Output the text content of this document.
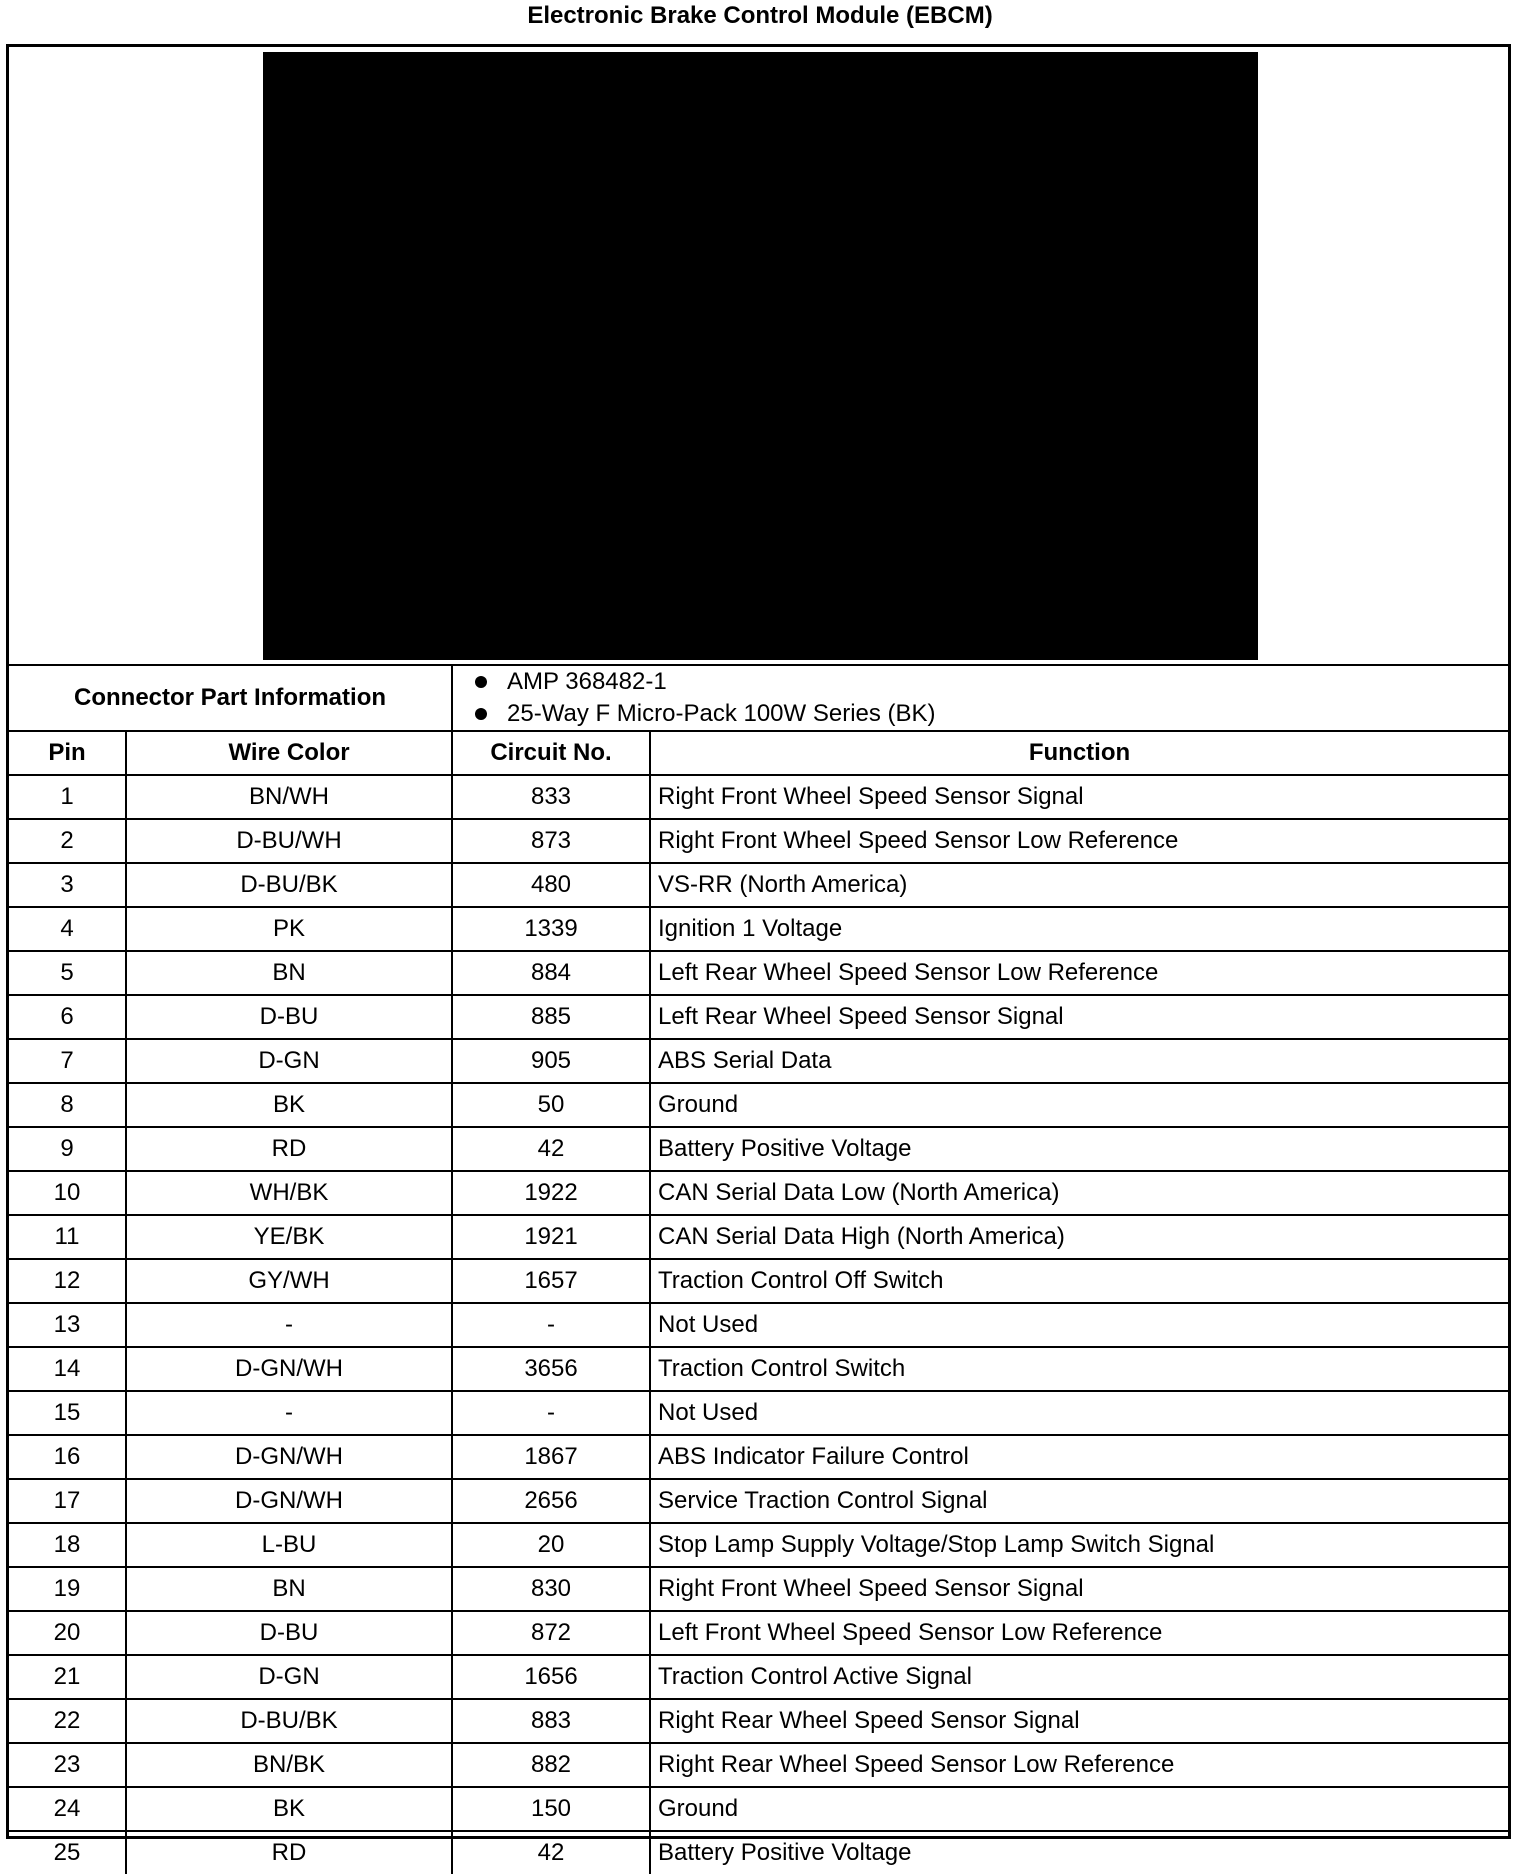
Electronic Brake Control Module (EBCM)
Connector Part Information		AMP 368482-1
25-Way F Micro-Pack 100W Series (BK)	

Pin	Wire Color	Circuit No.	Function
1	BN/WH	833	Right Front Wheel Speed Sensor Signal
2	D-BU/WH	873	Right Front Wheel Speed Sensor Low Reference
3	D-BU/BK	480	VS-RR (North America)
4	PK	1339	Ignition 1 Voltage
5	BN	884	Left Rear Wheel Speed Sensor Low Reference
6	D-BU	885	Left Rear Wheel Speed Sensor Signal
7	D-GN	905	ABS Serial Data
8	BK	50	Ground
9	RD	42	Battery Positive Voltage
10	WH/BK	1922	CAN Serial Data Low (North America)
11	YE/BK	1921	CAN Serial Data High (North America)
12	GY/WH	1657	Traction Control Off Switch
13	-	-	Not Used
14	D-GN/WH	3656	Traction Control Switch
15	-	-	Not Used
16	D-GN/WH	1867	ABS Indicator Failure Control
17	D-GN/WH	2656	Service Traction Control Signal
18	L-BU	20	Stop Lamp Supply Voltage/Stop Lamp Switch Signal
19	BN	830	Right Front Wheel Speed Sensor Signal
20	D-BU	872	Left Front Wheel Speed Sensor Low Reference
21	D-GN	1656	Traction Control Active Signal
22	D-BU/BK	883	Right Rear Wheel Speed Sensor Signal
23	BN/BK	882	Right Rear Wheel Speed Sensor Low Reference
24	BK	150	Ground
25	RD	42	Battery Positive Voltage
